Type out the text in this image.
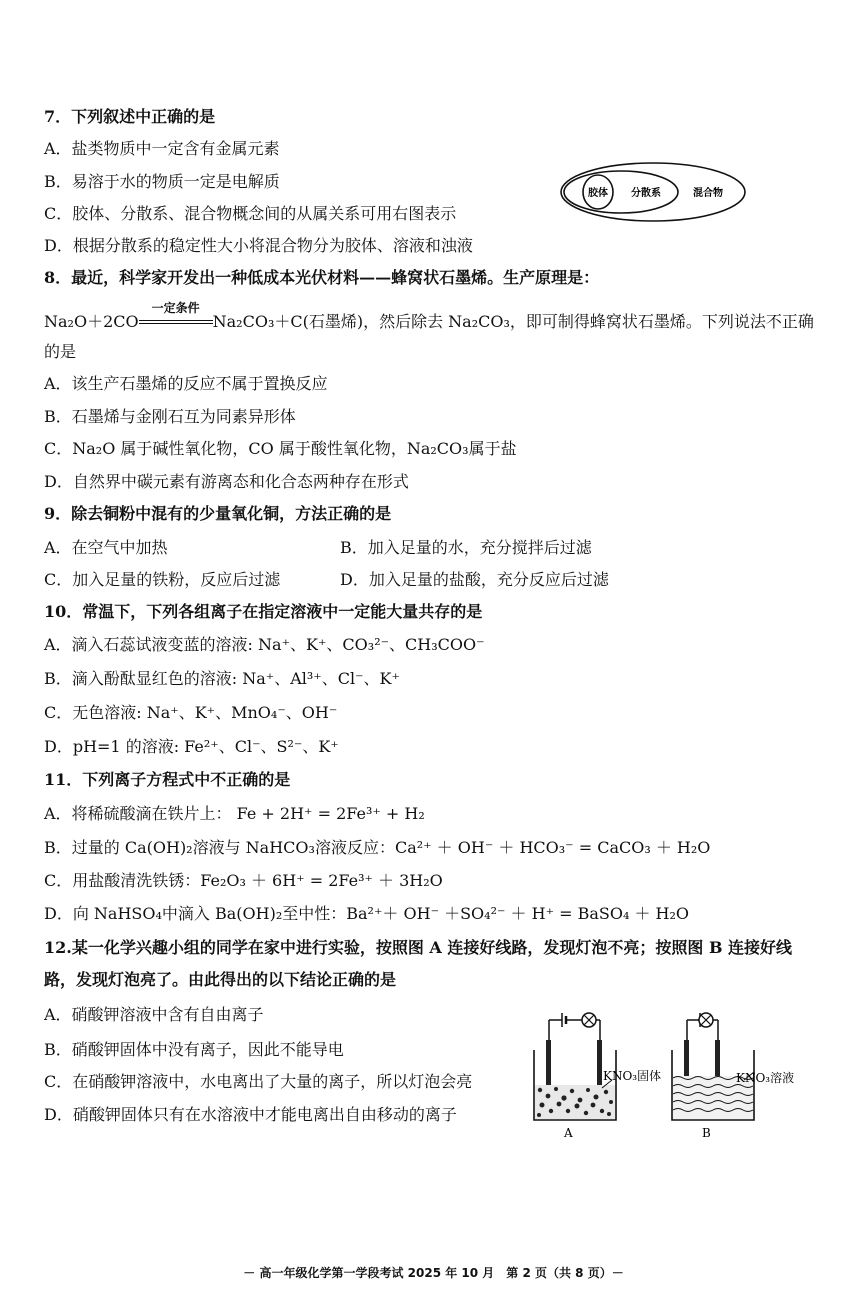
7．下列叙述中正确的是
A．盐类物质中一定含有金属元素
B．易溶于水的物质一定是电解质
C．胶体、分散系、混合物概念间的从属关系可用右图表示
D．根据分散系的稳定性大小将混合物分为胶体、溶液和浊液
胶体 分散系	混合物
8．最近，科学家开发出一种低成本光伏材料——蜂窝状石墨烯。生产原理是：
Na₂O＋2CO
一定条件
Na₂CO₃＋C(石墨烯)，然后除去 Na₂CO₃，即可制得蜂窝状石墨烯。下列说法不正确
的是
A．该生产石墨烯的反应不属于置换反应
B．石墨烯与金刚石互为同素异形体
C．Na₂O 属于碱性氧化物，CO 属于酸性氧化物，Na₂CO₃属于盐
D．自然界中碳元素有游离态和化合态两种存在形式
9．除去铜粉中混有的少量氧化铜，方法正确的是
A．在空气中加热	B．加入足量的水，充分搅拌后过滤
C．加入足量的铁粉，反应后过滤	D．加入足量的盐酸，充分反应后过滤
10．常温下，下列各组离子在指定溶液中一定能大量共存的是
A．滴入石蕊试液变蓝的溶液: Na⁺、K⁺、CO₃²⁻、CH₃COO⁻
B．滴入酚酞显红色的溶液: Na⁺、Al³⁺、Cl⁻、K⁺
C．无色溶液: Na⁺、K⁺、MnO₄⁻、OH⁻
D．pH=1 的溶液: Fe²⁺、Cl⁻、S²⁻、K⁺
11．下列离子方程式中不正确的是
A．将稀硫酸滴在铁片上： Fe + 2H⁺ = 2Fe³⁺ + H₂
B．过量的 Ca(OH)₂溶液与 NaHCO₃溶液反应：Ca²⁺ ＋ OH⁻ ＋ HCO₃⁻ = CaCO₃ ＋ H₂O
C．用盐酸清洗铁锈：Fe₂O₃ ＋ 6H⁺ = 2Fe³⁺ ＋ 3H₂O
D．向 NaHSO₄中滴入 Ba(OH)₂至中性：Ba²⁺＋ OH⁻ ＋SO₄²⁻ ＋ H⁺ = BaSO₄ ＋ H₂O
12.某一化学兴趣小组的同学在家中进行实验，按照图 A 连接好线路，发现灯泡不亮；按照图 B 连接好线
路，发现灯泡亮了。由此得出的以下结论正确的是
A．硝酸钾溶液中含有自由离子
B．硝酸钾固体中没有离子，因此不能导电
C．在硝酸钾溶液中，水电离出了大量的离子，所以灯泡会亮
D．硝酸钾固体只有在水溶液中才能电离出自由移动的离子
KNO₃固体
A
KNO₃溶液
B
－ 高一年级化学第一学段考试 2025 年 10 月　第 2 页（共 8 页）－
